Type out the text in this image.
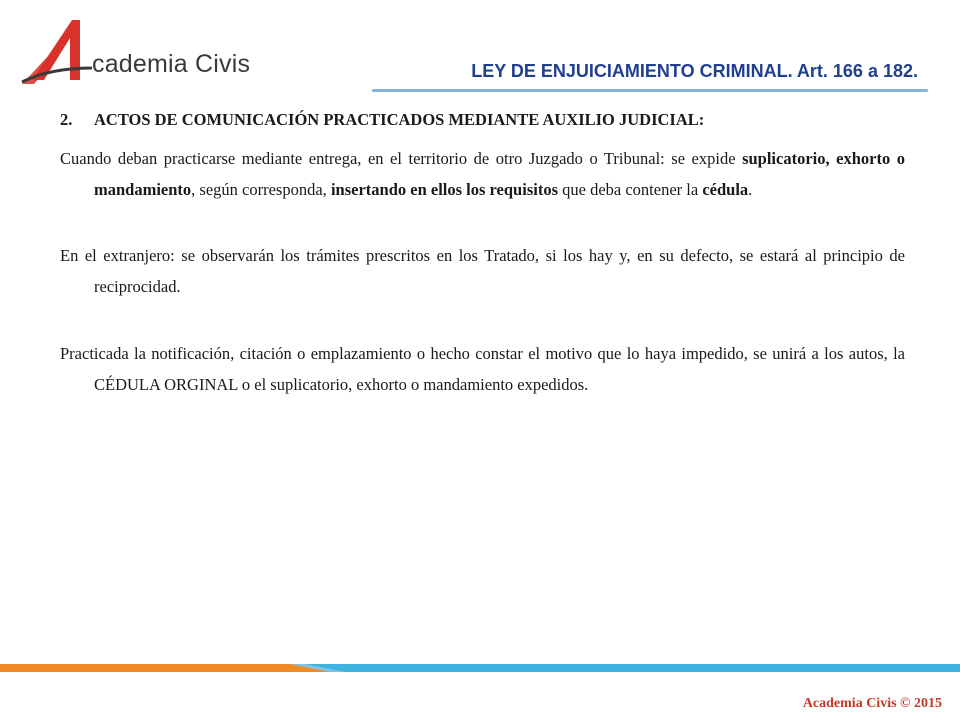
cademia Civis	LEY DE ENJUICIAMIENTO CRIMINAL. Art. 166 a 182.
2. ACTOS DE COMUNICACIÓN PRACTICADOS MEDIANTE AUXILIO JUDICIAL:

Cuando deban practicarse mediante entrega, en el territorio de otro Juzgado o Tribunal: se expide suplicatorio, exhorto o mandamiento, según corresponda, insertando en ellos los requisitos que deba contener la cédula.

En el extranjero: se observarán los trámites prescritos en los Tratado, si los hay y, en su defecto, se estará al principio de reciprocidad.

Practicada la notificación, citación o emplazamiento o hecho constar el motivo que lo haya impedido, se unirá a los autos, la CÉDULA ORGINAL o el suplicatorio, exhorto o mandamiento expedidos.

Academia Civis © 2015
